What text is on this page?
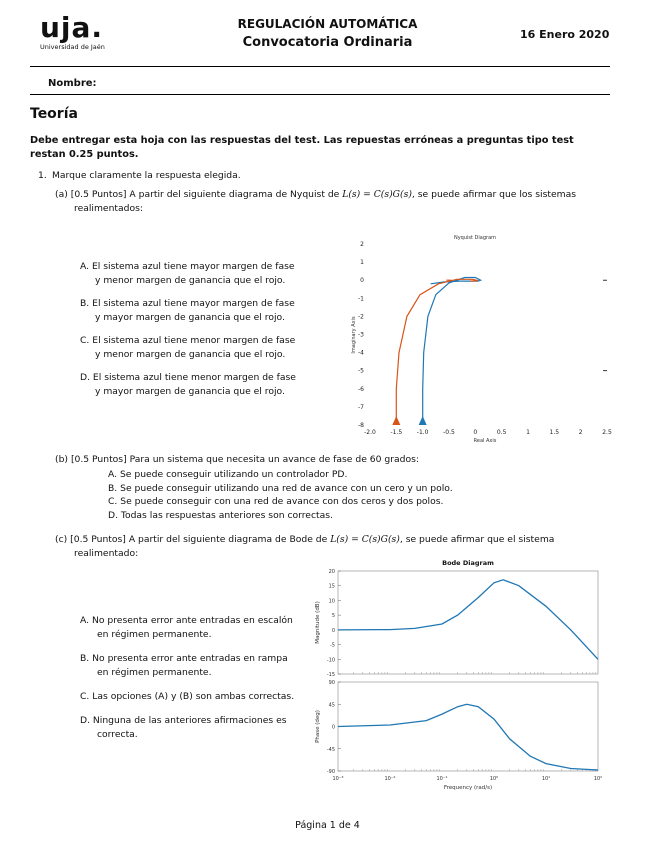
ujа.
Universidad de Jaén
REGULACIÓN AUTOMÁTICA
Convocatoria Ordinaria
16 Enero 2020
Nombre:
Teoría
Debe entregar esta hoja con las respuestas del test. Las repuestas erróneas a preguntas tipo test restan 0.25 puntos.
1. Marque claramente la respuesta elegida.
(a) [0.5 Puntos] A partir del siguiente diagrama de Nyquist de L(s) = C(s)G(s), se puede afirmar que los sistemas
realimentados:
A. El sistema azul tiene mayor margen de fase
y menor margen de ganancia que el rojo.
B. El sistema azul tiene mayor margen de fase
y mayor margen de ganancia que el rojo.
C. El sistema azul tiene menor margen de fase
y menor margen de ganancia que el rojo.
D. El sistema azul tiene menor margen de fase
y mayor margen de ganancia que el rojo.
Nyquist Diagram
Imaginary Axis
Real Axis
2
1
0
-1
-2
-3
-4
-5
-6
-7
-8
-2.0 -1.5 -1.0 -0.5	0	0.5	1	1.5	2	2.5
(b) [0.5 Puntos] Para un sistema que necesita un avance de fase de 60 grados:
A. Se puede conseguir utilizando un controlador PD.
B. Se puede conseguir utilizando una red de avance con un cero y un polo.
C. Se puede conseguir con una red de avance con dos ceros y dos polos.
D. Todas las respuestas anteriores son correctas.
(c) [0.5 Puntos] A partir del siguiente diagrama de Bode de L(s) = C(s)G(s), se puede afirmar que el sistema
realimentado:
A. No presenta error ante entradas en escalón
en régimen permanente.
B. No presenta error ante entradas en rampa
en régimen permanente.
C. Las opciones (A) y (B) son ambas correctas.
D. Ninguna de las anteriores afirmaciones es
correcta.
Bode Diagram
20
15
10
5
0
-5
-10
-15
Magnitude (dB)
90
45
0
-45
-90
Phase (deg)
10⁻³	10⁻²	10⁻¹	10⁰	10¹	10²
Frequency (rad/s)
Página 1 de 4
